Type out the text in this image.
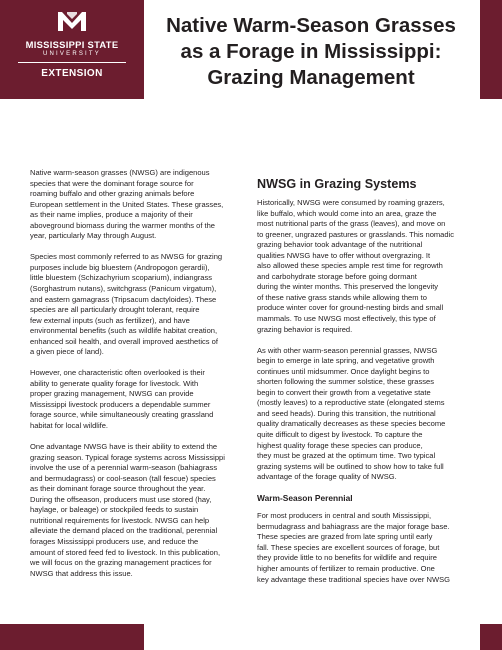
MISSISSIPPI STATE
UNIVERSITY
EXTENSION
Native Warm-Season Grasses
as a Forage in Mississippi:
Grazing Management

Native warm-season grasses (NWSG) are indigenous
species that were the dominant forage source for
roaming buffalo and other grazing animals before
European settlement in the United States. These grasses,
as their name implies, produce a majority of their
aboveground biomass during the warmer months of the
year, particularly May through August.

Species most commonly referred to as NWSG for grazing
purposes include big bluestem (Andropogon gerardii),
little bluestem (Schizachyrium scoparium), indiangrass
(Sorghastrum nutans), switchgrass (Panicum virgatum),
and eastern gamagrass (Tripsacum dactyloides). These
species are all particularly drought tolerant, require
few external inputs (such as fertilizer), and have
environmental benefits (such as wildlife habitat creation,
enhanced soil health, and overall improved aesthetics of
a given piece of land).

However, one characteristic often overlooked is their
ability to generate quality forage for livestock. With
proper grazing management, NWSG can provide
Mississippi livestock producers a dependable summer
forage source, while simultaneously creating grassland
habitat for local wildlife.

One advantage NWSG have is their ability to extend the
grazing season. Typical forage systems across Mississippi
involve the use of a perennial warm-season (bahiagrass
and bermudagrass) or cool-season (tall fescue) species
as their dominant forage source throughout the year.
During the offseason, producers must use stored (hay,
haylage, or baleage) or stockpiled feeds to sustain
nutritional requirements for livestock. NWSG can help
alleviate the demand placed on the traditional, perennial
forages Mississippi producers use, and reduce the
amount of stored feed fed to livestock. In this publication,
we will focus on the grazing management practices for
NWSG that address this issue.

NWSG in Grazing Systems

Historically, NWSG were consumed by roaming grazers,
like buffalo, which would come into an area, graze the
most nutritional parts of the grass (leaves), and move on
to greener, ungrazed pastures or grasslands. This nomadic
grazing behavior took advantage of the nutritional
qualities NWSG have to offer without overgrazing. It
also allowed these species ample rest time for regrowth
and carbohydrate storage before going dormant
during the winter months. This preserved the longevity
of these native grass stands while allowing them to
produce winter cover for ground-nesting birds and small
mammals. To use NWSG most effectively, this type of
grazing behavior is required.

As with other warm-season perennial grasses, NWSG
begin to emerge in late spring, and vegetative growth
continues until midsummer. Once daylight begins to
shorten following the summer solstice, these grasses
begin to convert their growth from a vegetative state
(mostly leaves) to a reproductive state (elongated stems
and seed heads). During this transition, the nutritional
quality dramatically decreases as these species become
quite difficult to digest by livestock. To capture the
highest quality forage these species can produce,
they must be grazed at the optimum time. Two typical
grazing systems will be outlined to show how to take full
advantage of the forage quality of NWSG.

Warm-Season Perennial

For most producers in central and south Mississippi,
bermudagrass and bahiagrass are the major forage base.
These species are grazed from late spring until early
fall. These species are excellent sources of forage, but
they provide little to no benefits for wildlife and require
higher amounts of fertilizer to remain productive. One
key advantage these traditional species have over NWSG
